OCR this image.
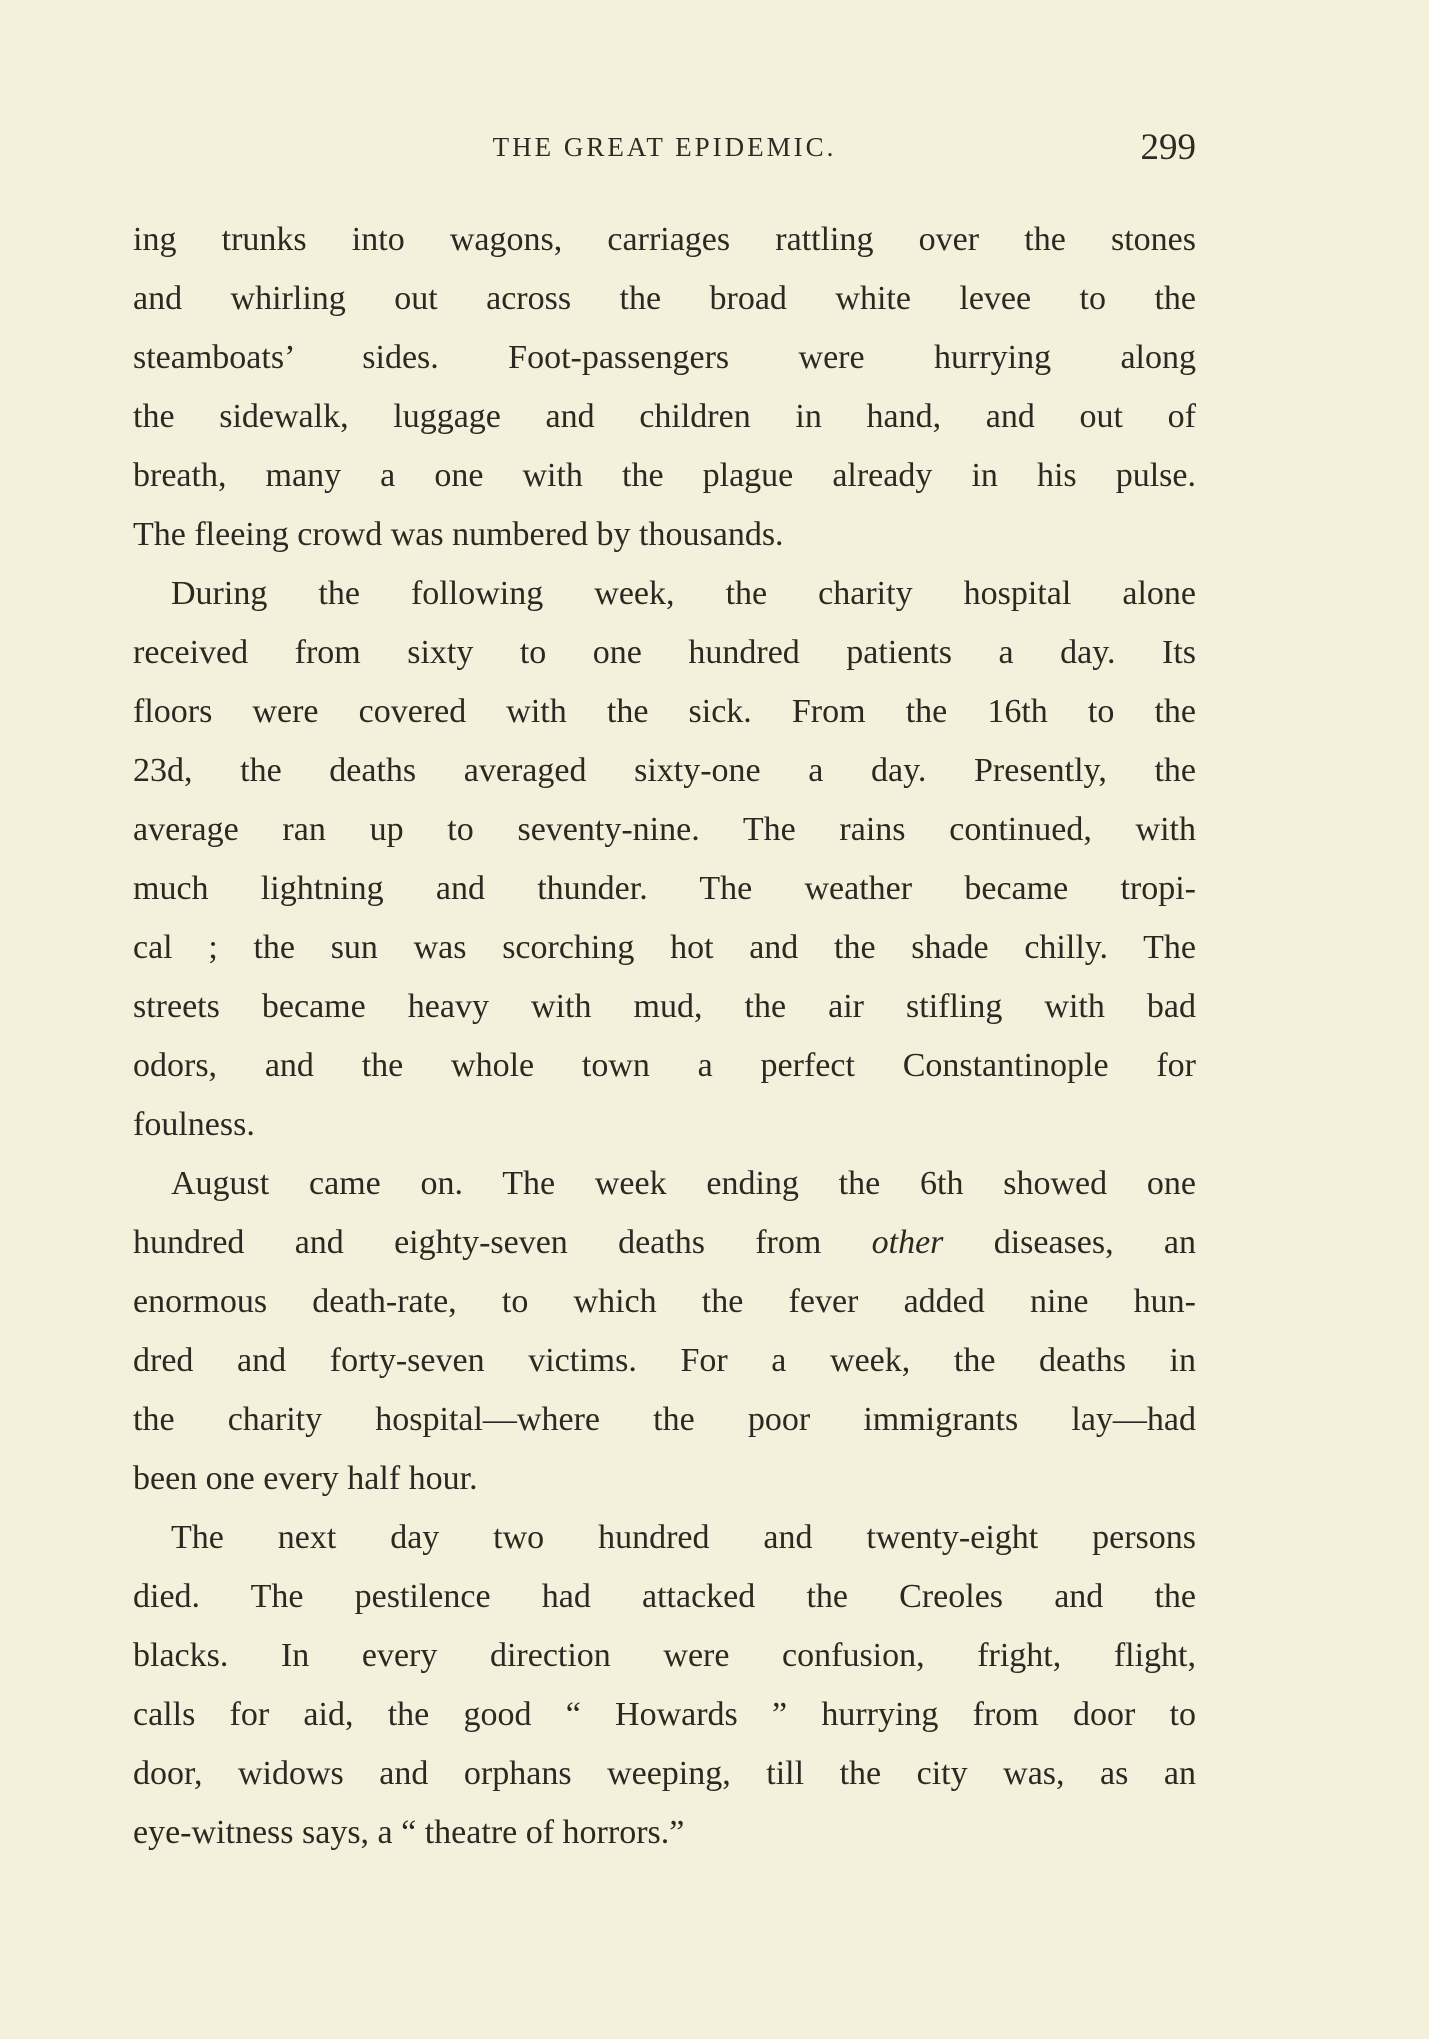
THE GREAT EPIDEMIC.	299
ing trunks into wagons, carriages rattling over the stones
and whirling out across the broad white levee to the
steamboats’ sides. Foot-passengers were hurrying along
the sidewalk, luggage and children in hand, and out of
breath, many a one with the plague already in his pulse.
The fleeing crowd was numbered by thousands.
During the following week, the charity hospital alone
received from sixty to one hundred patients a day. Its
floors were covered with the sick. From the 16th to the
23d, the deaths averaged sixty-one a day. Presently, the
average ran up to seventy-nine. The rains continued, with
much lightning and thunder. The weather became tropi-
cal ; the sun was scorching hot and the shade chilly. The
streets became heavy with mud, the air stifling with bad
odors, and the whole town a perfect Constantinople for
foulness.
August came on. The week ending the 6th showed one
hundred and eighty-seven deaths from other diseases, an
enormous death-rate, to which the fever added nine hun-
dred and forty-seven victims. For a week, the deaths in
the charity hospital—where the poor immigrants lay—had
been one every half hour.
The next day two hundred and twenty-eight persons
died. The pestilence had attacked the Creoles and the
blacks. In every direction were confusion, fright, flight,
calls for aid, the good “ Howards ” hurrying from door to
door, widows and orphans weeping, till the city was, as an
eye-witness says, a “ theatre of horrors.”
